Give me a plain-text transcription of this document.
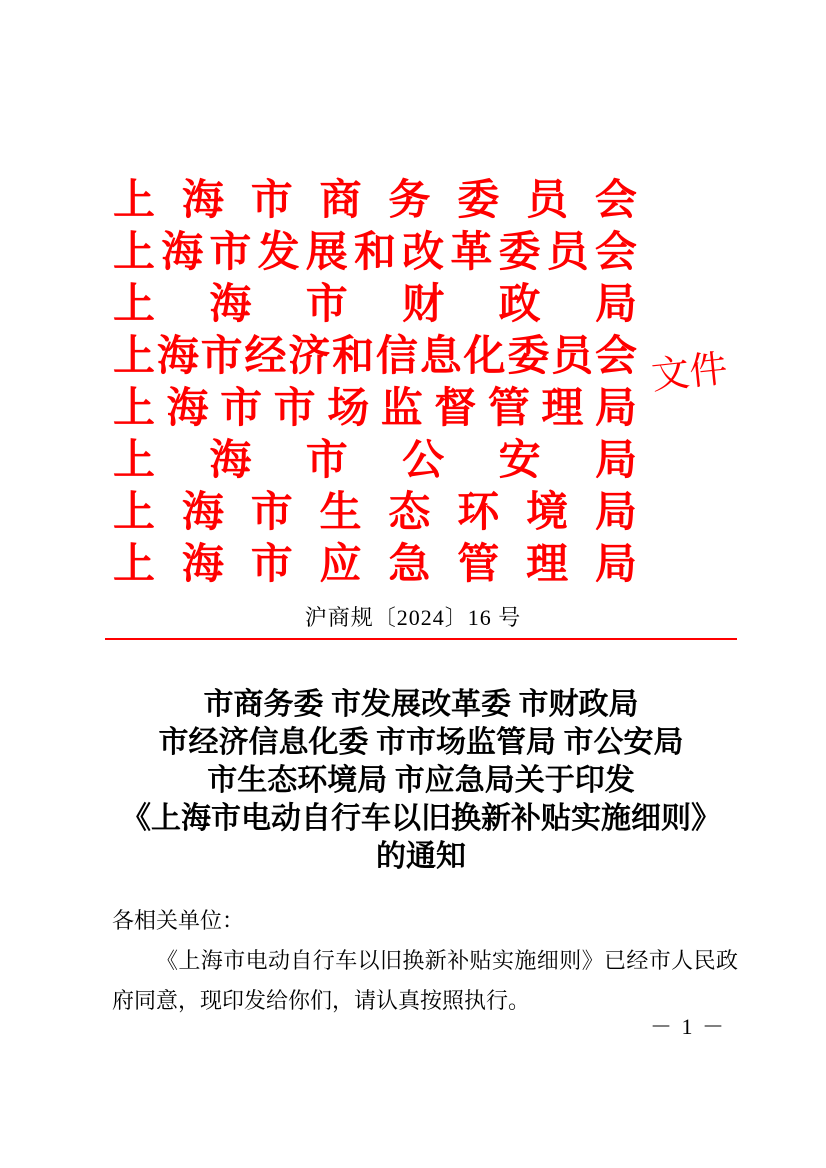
上 海 市 商 务 委 员 会
上 海 市 发 展 和 改 革 委 员 会
上 海 市 财 政 局
上 海 市 经 济 和 信 息 化 委 员 会
上 海 市 市 场 监 督 管 理 局
上 海 市 公 安 局
上 海 市 生 态 环 境 局
上 海 市 应 急 管 理 局
文件
沪商规〔2024〕16 号
市商务委 市发展改革委 市财政局
市经济信息化委 市市场监管局 市公安局
市生态环境局 市应急局关于印发
《上海市电动自行车以旧换新补贴实施细则》
的通知

各相关单位：

《上海市电动自行车以旧换新补贴实施细则》已经市人民政府同意，现印发给你们，请认真按照执行。

－ 1 －
